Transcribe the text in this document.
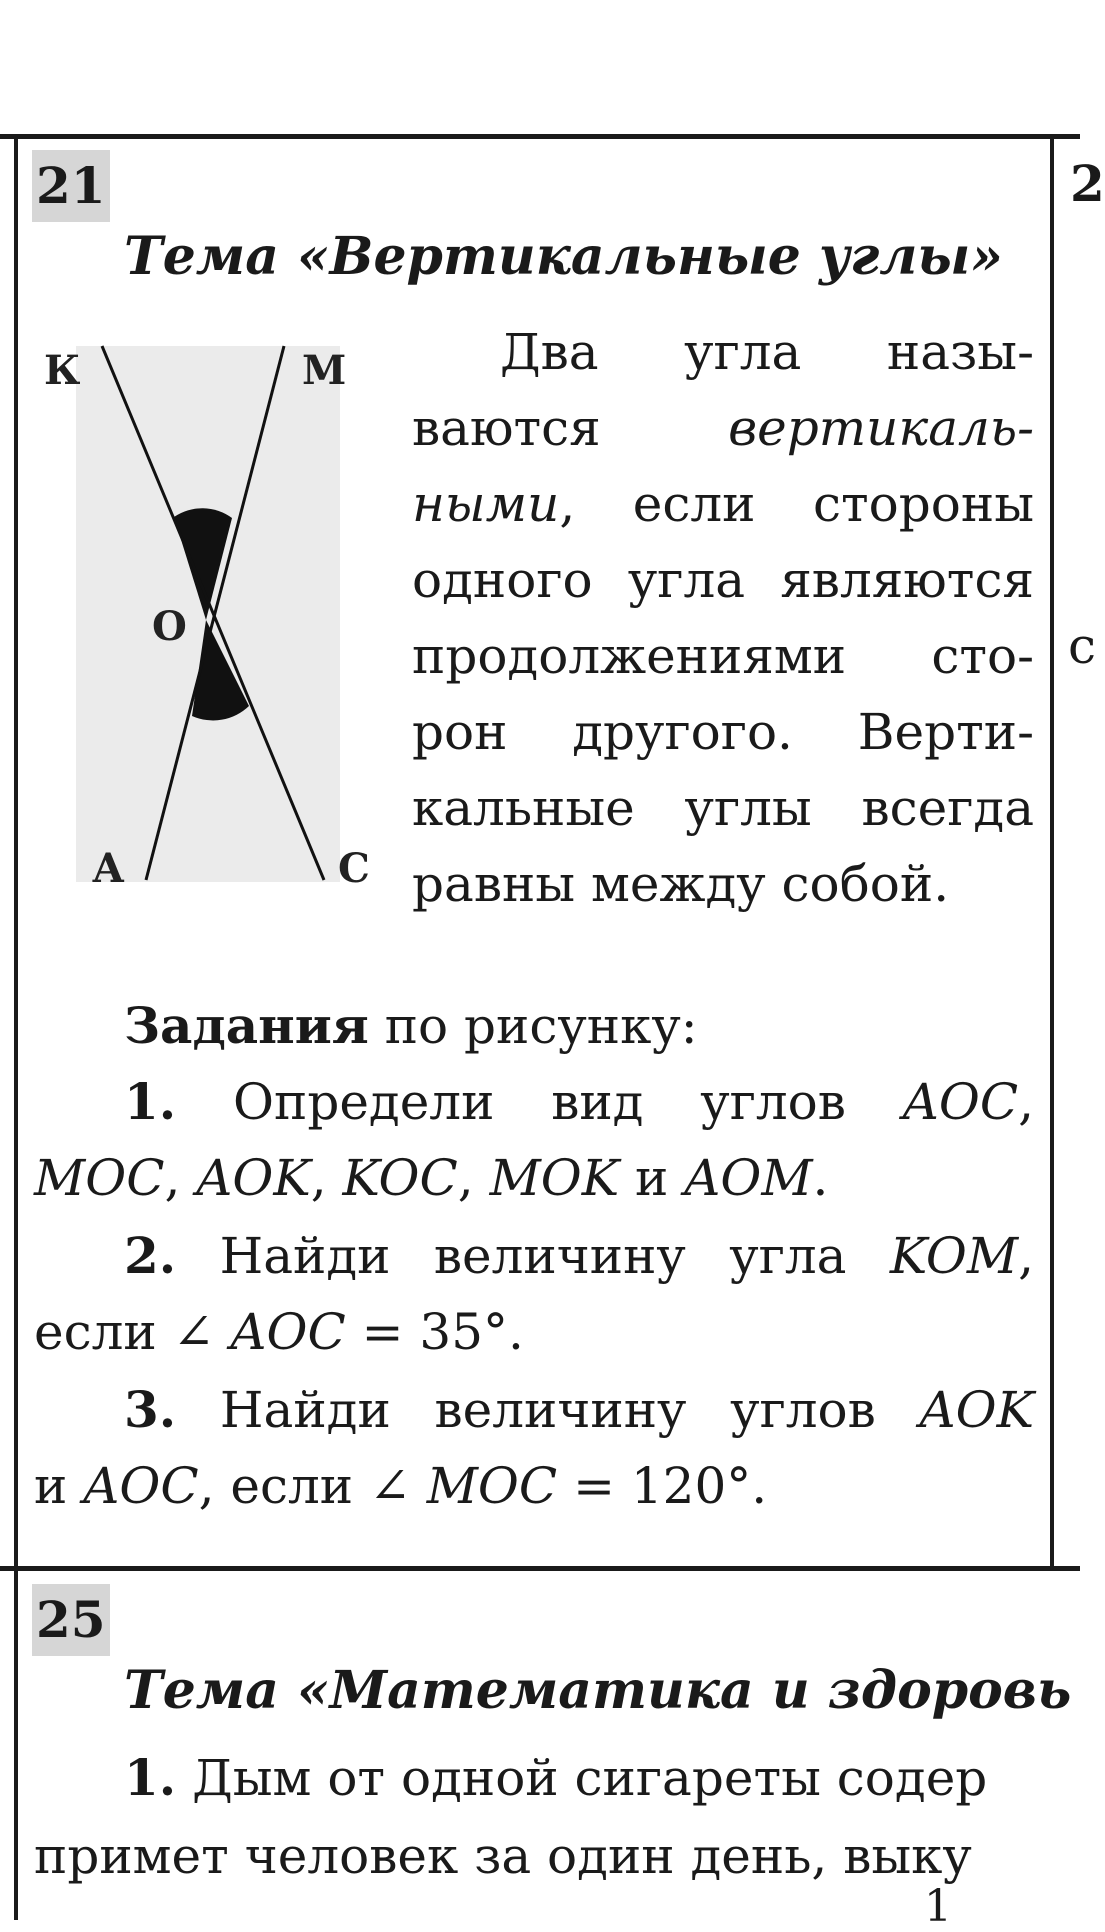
2
с
21
Тема «Вертикальные углы»
К	М
О
А	С
Два угла назы-
ваются вертикаль-
ными, если стороны
одного угла являются
продолжениями сто-
рон другого. Верти-
кальные углы всегда
равны между собой.
Задания по рисунку:
1. Определи вид углов AOC,
MOC, AOK, KOC, MOK и AOM.
2. Найди величину угла KOM,
если ∠ AOC = 35°.
3. Найди величину углов AOK
и AOC, если ∠ MOC = 120°.
25
Тема «Математика и здоровь
1. Дым от одной сигареты содер
примет человек за один день, выку
1
